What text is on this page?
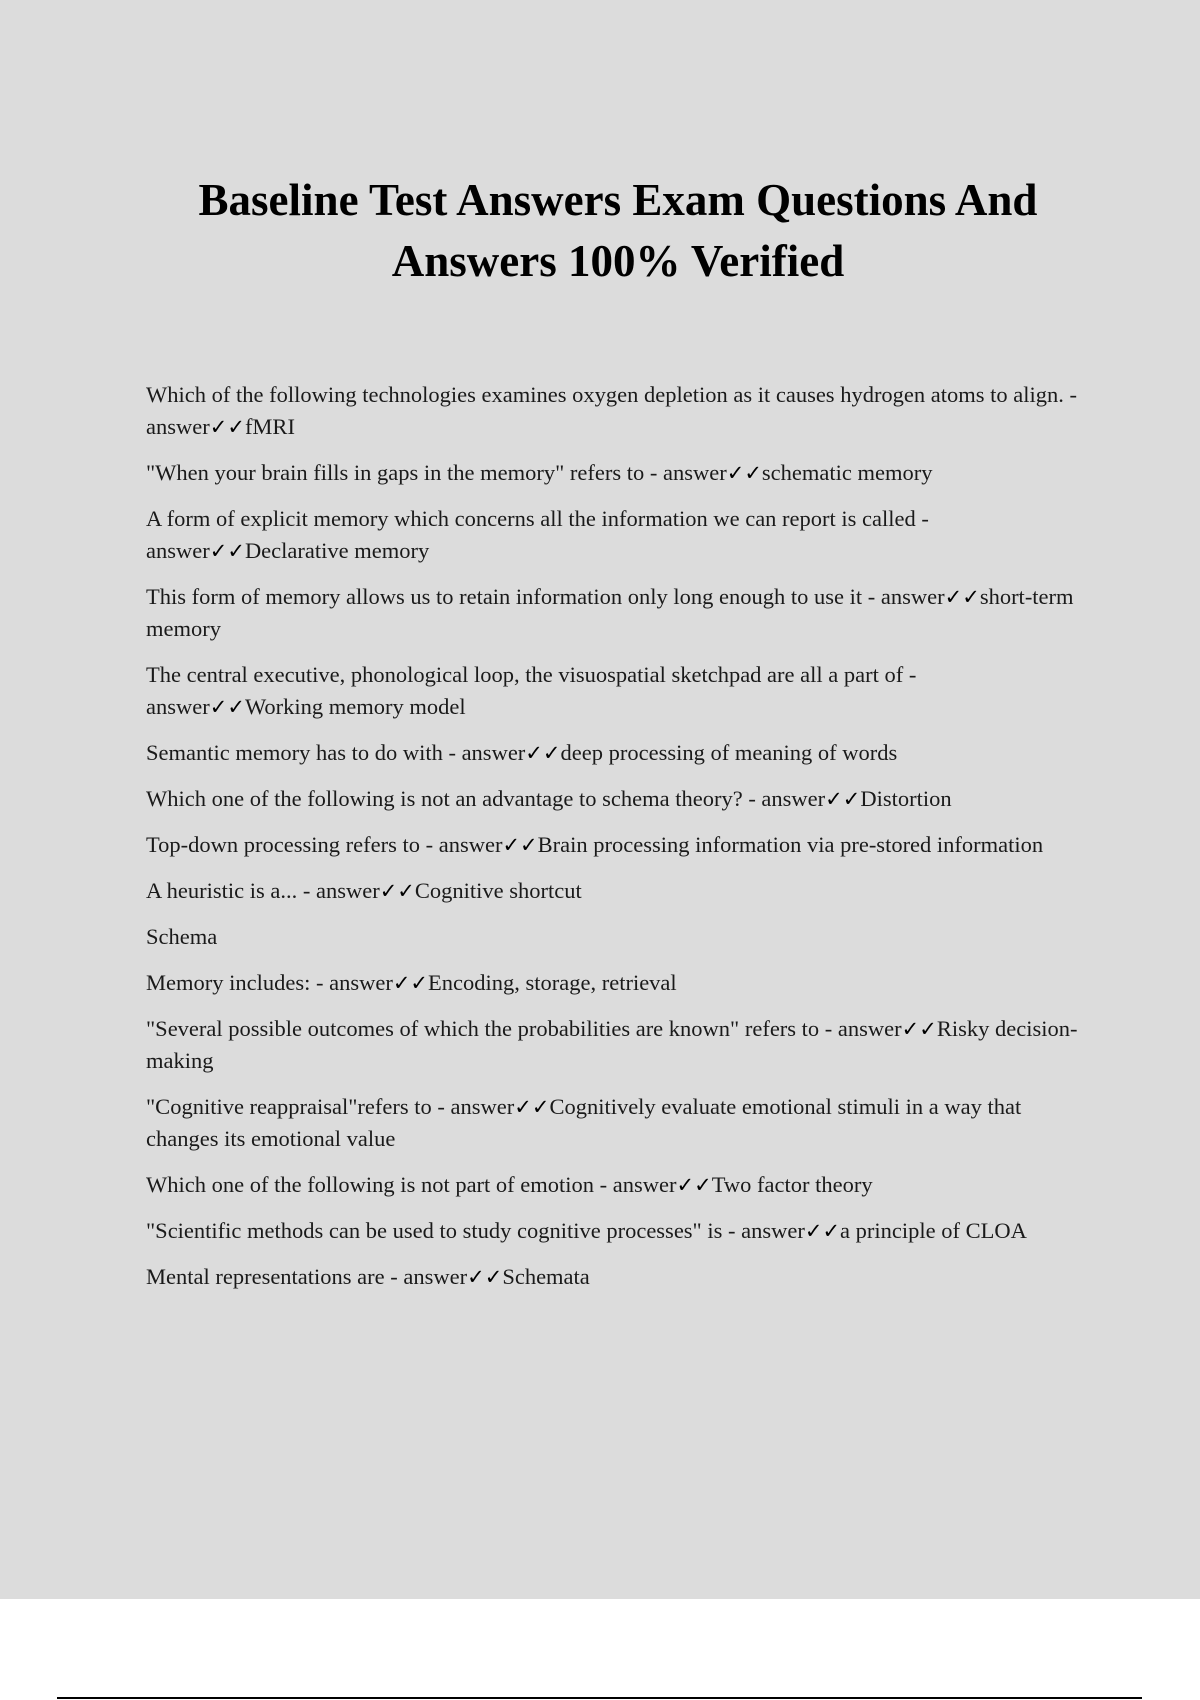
Baseline Test Answers Exam Questions And
Answers 100% Verified
Which of the following technologies examines oxygen depletion as it causes hydrogen atoms to align. - answer✓✓fMRI
"When your brain fills in gaps in the memory" refers to - answer✓✓schematic memory
A form of explicit memory which concerns all the information we can report is called - answer✓✓Declarative memory
This form of memory allows us to retain information only long enough to use it - answer✓✓short-term memory
The central executive, phonological loop, the visuospatial sketchpad are all a part of - answer✓✓Working memory model
Semantic memory has to do with - answer✓✓deep processing of meaning of words
Which one of the following is not an advantage to schema theory? - answer✓✓Distortion
Top-down processing refers to - answer✓✓Brain processing information via pre-stored information
A heuristic is a... - answer✓✓Cognitive shortcut
Schema
Memory includes: - answer✓✓Encoding, storage, retrieval
"Several possible outcomes of which the probabilities are known" refers to - answer✓✓Risky decision-making
"Cognitive reappraisal"refers to - answer✓✓Cognitively evaluate emotional stimuli in a way that changes its emotional value
Which one of the following is not part of emotion - answer✓✓Two factor theory
"Scientific methods can be used to study cognitive processes" is - answer✓✓a principle of CLOA
Mental representations are - answer✓✓Schemata
